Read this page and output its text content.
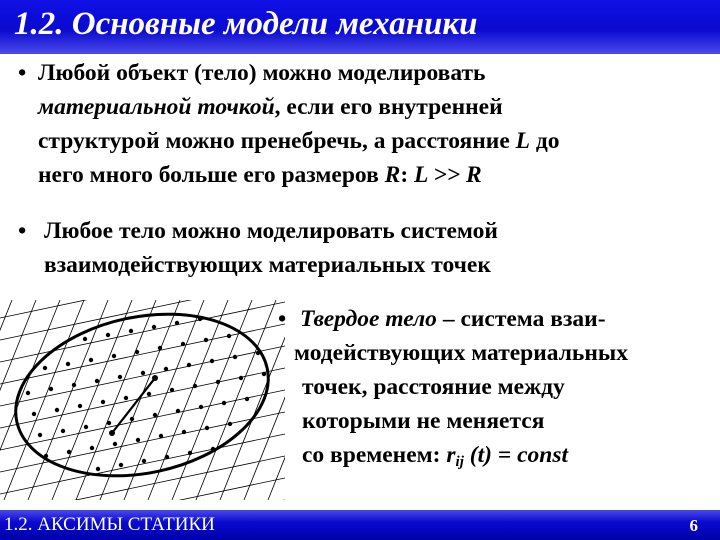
1.2. Основные модели механики
• Любой объект (тело) можно моделировать
материальной точкой, если его внутренней
структурой можно пренебречь, а расстояние L до
него много больше его размеров R: L >> R
• Любое тело можно моделировать системой
взаимодействующих материальных точек
• Твердое тело – система взаи-
модействующих материальных
точек, расстояние между
которыми не меняется
со временем: $r_{ij}$ (t) = const
1.2. АКСИМЫ СТАТИКИ	6
